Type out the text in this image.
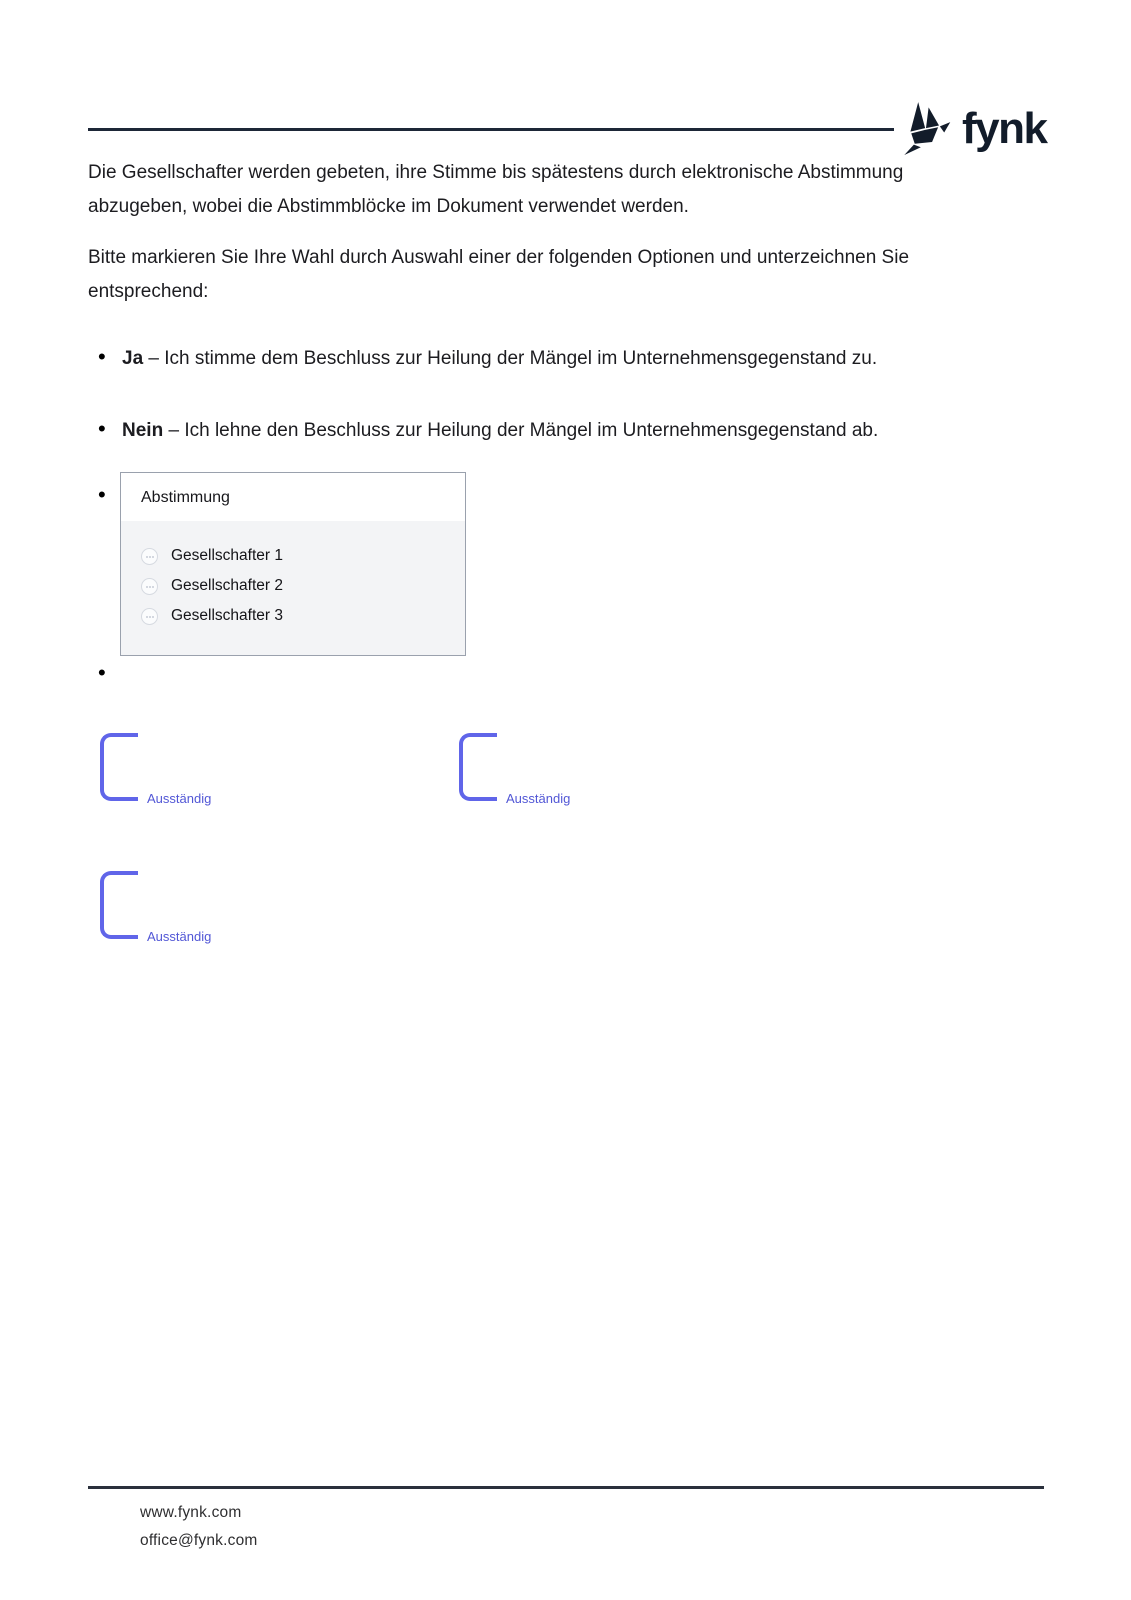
fynk

Die Gesellschafter werden gebeten, ihre Stimme bis spätestens durch elektronische Abstimmung abzugeben, wobei die Abstimmblöcke im Dokument verwendet werden.

Bitte markieren Sie Ihre Wahl durch Auswahl einer der folgenden Optionen und unterzeichnen Sie entsprechend:

• Ja – Ich stimme dem Beschluss zur Heilung der Mängel im Unternehmensgegenstand zu.
• Nein – Ich lehne den Beschluss zur Heilung der Mängel im Unternehmensgegenstand ab.
•	Abstimmung
Gesellschafter 1
Gesellschafter 2
Gesellschafter 3
•
Ausständig	Ausständig
Ausständig
www.fynk.com
office@fynk.com
